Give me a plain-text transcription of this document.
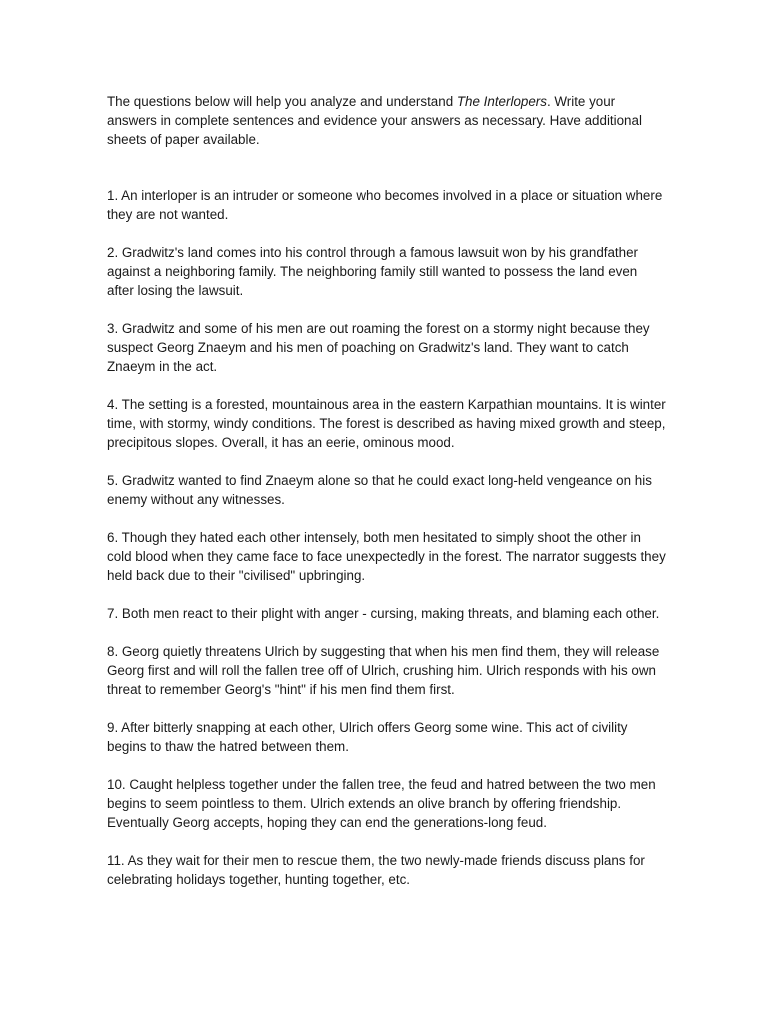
The questions below will help you analyze and understand The Interlopers. Write your answers in complete sentences and evidence your answers as necessary. Have additional sheets of paper available.

1. An interloper is an intruder or someone who becomes involved in a place or situation where they are not wanted.

2. Gradwitz's land comes into his control through a famous lawsuit won by his grandfather against a neighboring family. The neighboring family still wanted to possess the land even after losing the lawsuit.

3. Gradwitz and some of his men are out roaming the forest on a stormy night because they suspect Georg Znaeym and his men of poaching on Gradwitz's land. They want to catch Znaeym in the act.

4. The setting is a forested, mountainous area in the eastern Karpathian mountains. It is winter time, with stormy, windy conditions. The forest is described as having mixed growth and steep, precipitous slopes. Overall, it has an eerie, ominous mood.

5. Gradwitz wanted to find Znaeym alone so that he could exact long-held vengeance on his enemy without any witnesses.

6. Though they hated each other intensely, both men hesitated to simply shoot the other in cold blood when they came face to face unexpectedly in the forest. The narrator suggests they held back due to their "civilised" upbringing.

7. Both men react to their plight with anger - cursing, making threats, and blaming each other.

8. Georg quietly threatens Ulrich by suggesting that when his men find them, they will release Georg first and will roll the fallen tree off of Ulrich, crushing him. Ulrich responds with his own threat to remember Georg's "hint" if his men find them first.

9. After bitterly snapping at each other, Ulrich offers Georg some wine. This act of civility begins to thaw the hatred between them.

10. Caught helpless together under the fallen tree, the feud and hatred between the two men begins to seem pointless to them. Ulrich extends an olive branch by offering friendship. Eventually Georg accepts, hoping they can end the generations-long feud.

11. As they wait for their men to rescue them, the two newly-made friends discuss plans for celebrating holidays together, hunting together, etc.
